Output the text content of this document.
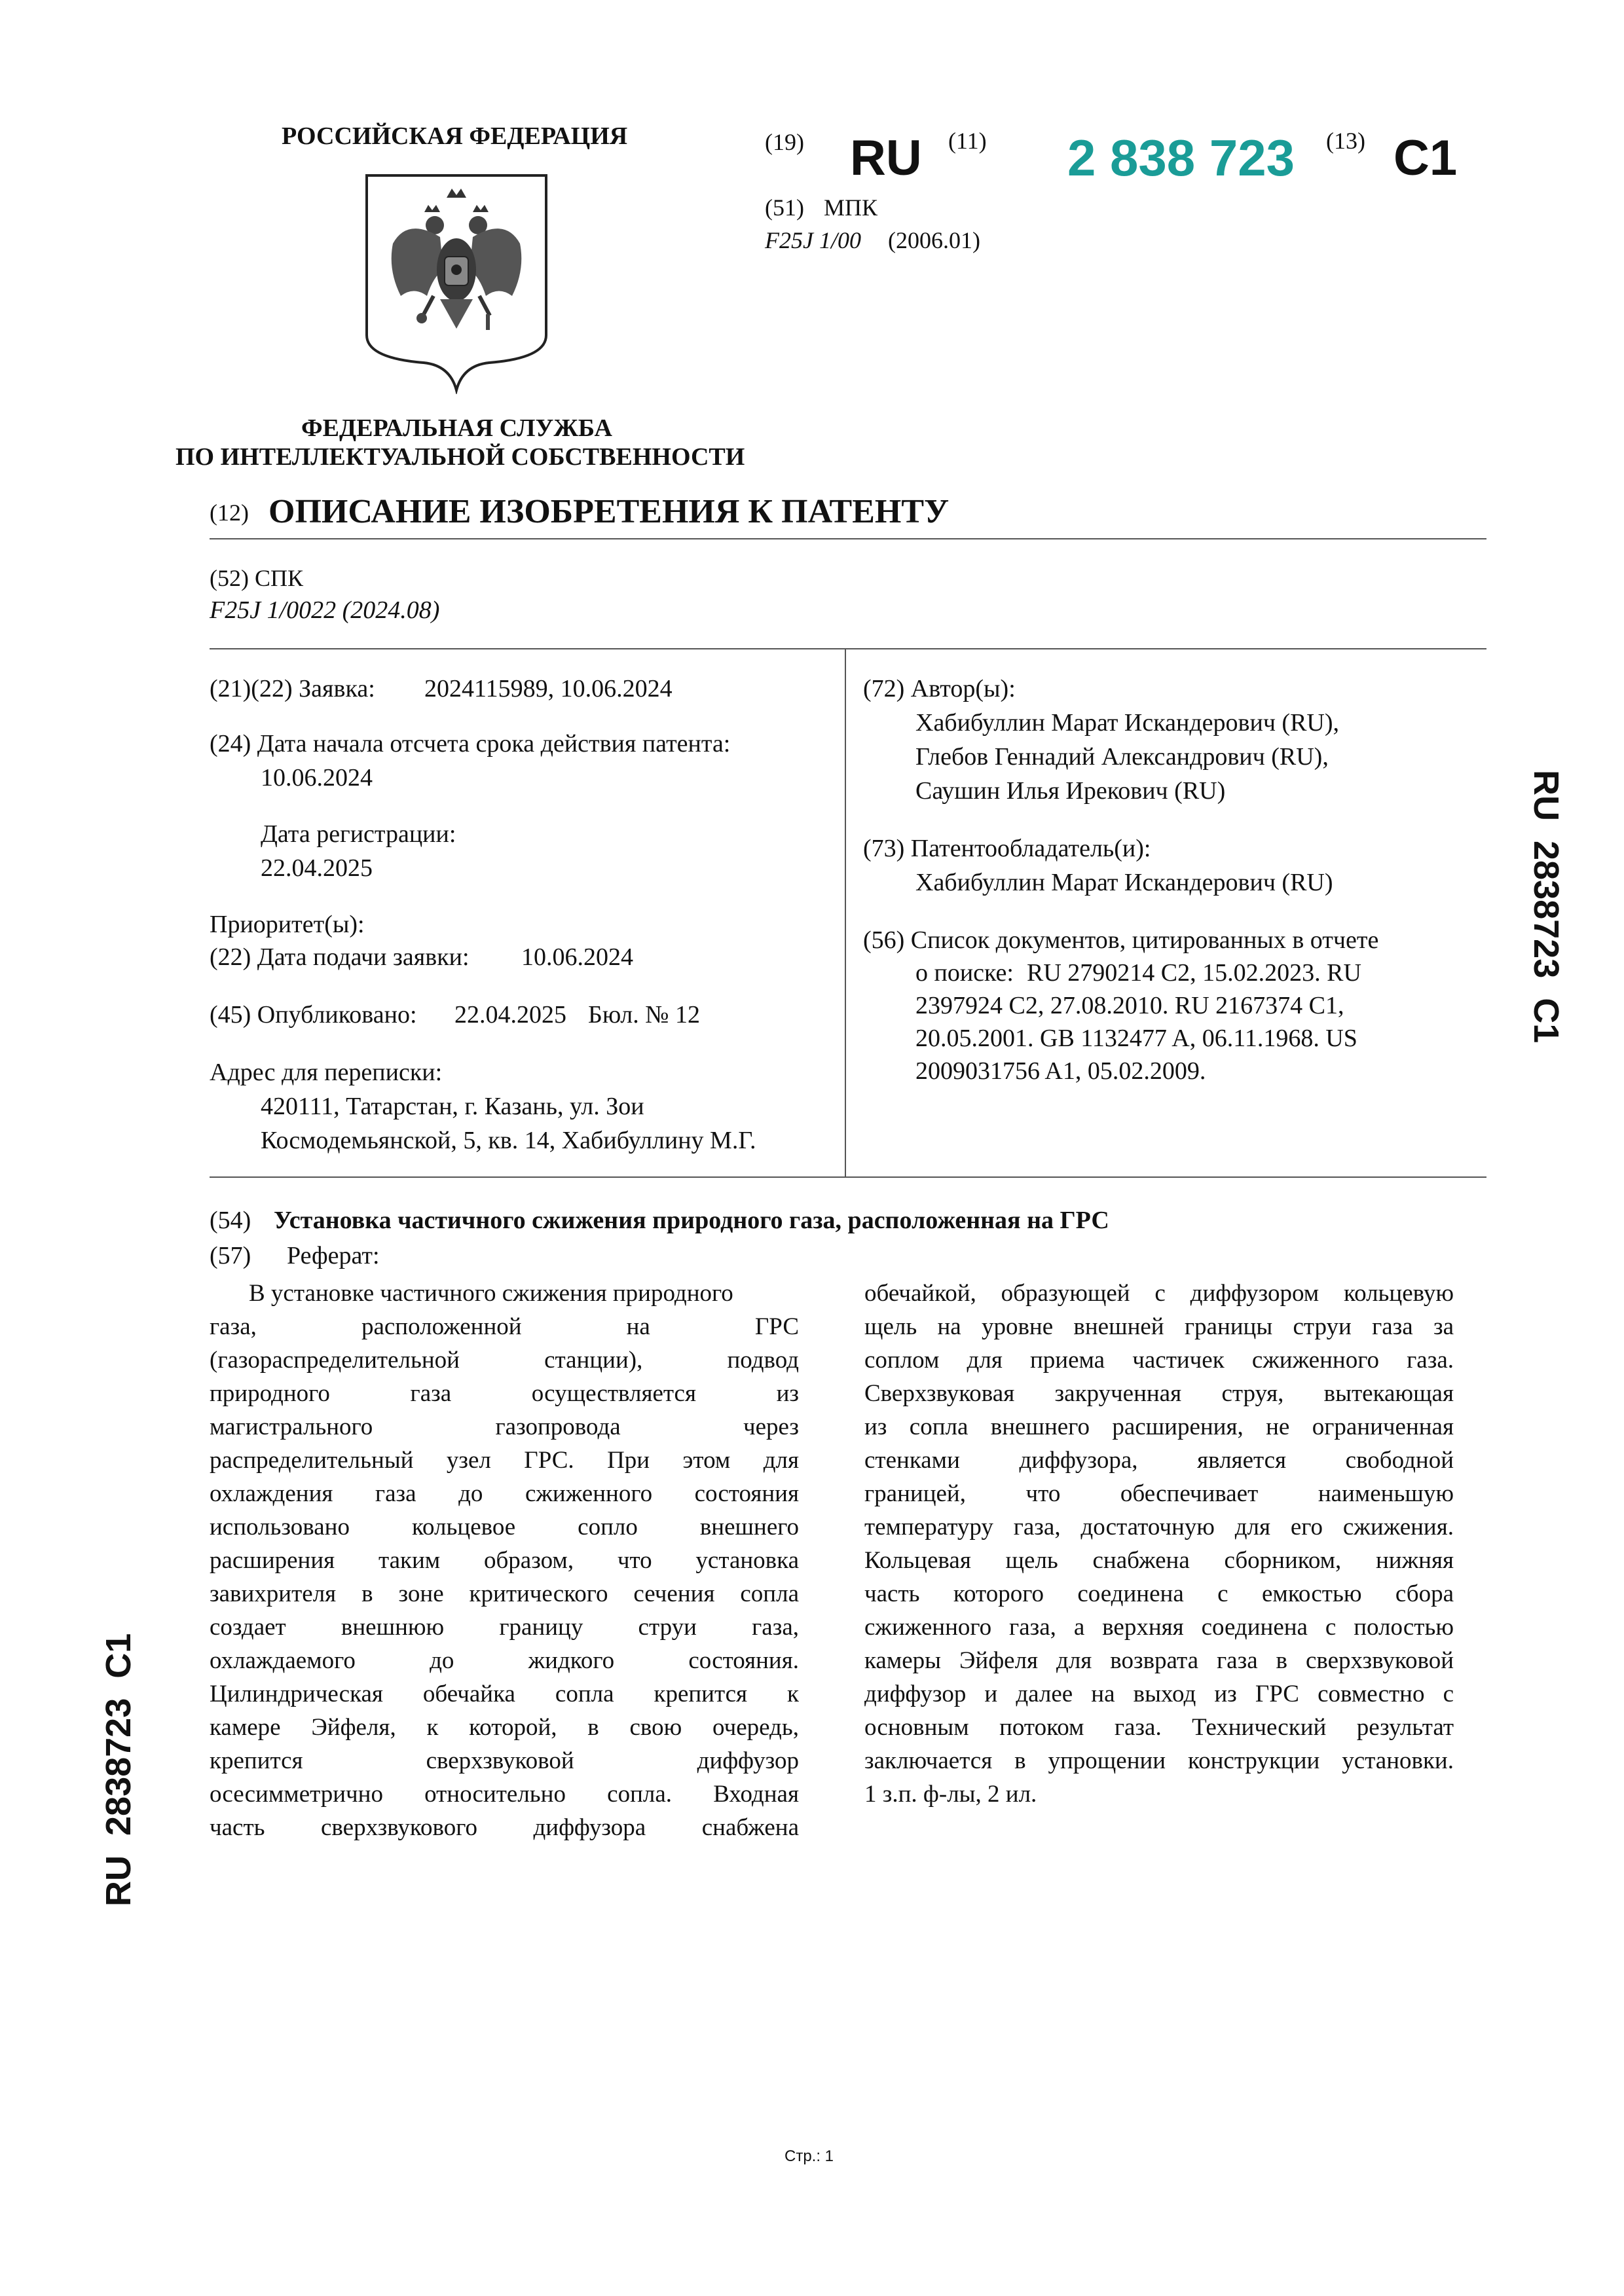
РОССИЙСКАЯ ФЕДЕРАЦИЯ
ФЕДЕРАЛЬНАЯ СЛУЖБА
ПО ИНТЕЛЛЕКТУАЛЬНОЙ СОБСТВЕННОСТИ
(19) RU (11) 2 838 723 (13) C1
(51) МПК
F25J 1/00 (2006.01)
(12) ОПИСАНИЕ ИЗОБРЕТЕНИЯ К ПАТЕНТУ
(52) СПК
F25J 1/0022 (2024.08)
(21)(22) Заявка: 2024115989, 10.06.2024
(24) Дата начала отсчета срока действия патента:
10.06.2024
Дата регистрации:
22.04.2025
Приоритет(ы):
(22) Дата подачи заявки: 10.06.2024
(45) Опубликовано: 22.04.2025 Бюл. № 12
Адрес для переписки:
420111, Татарстан, г. Казань, ул. Зои
Космодемьянской, 5, кв. 14, Хабибуллину М.Г.
(72) Автор(ы):
Хабибуллин Марат Искандерович (RU),
Глебов Геннадий Александрович (RU),
Саушин Илья Ирекович (RU)
(73) Патентообладатель(и):
Хабибуллин Марат Искандерович (RU)
(56) Список документов, цитированных в отчете
о поиске: RU 2790214 C2, 15.02.2023. RU
2397924 C2, 27.08.2010. RU 2167374 C1,
20.05.2001. GB 1132477 A, 06.11.1968. US
2009031756 A1, 05.02.2009.
(54) Установка частичного сжижения природного газа, расположенная на ГРС
(57) Реферат:

В установке частичного сжижения природного

газа, расположенной на ГРС

(газораспределительной станции), подвод

природного газа осуществляется из

магистрального газопровода через

распределительный узел ГРС. При этом для

охлаждения газа до сжиженного состояния

использовано кольцевое сопло внешнего

расширения таким образом, что установка

завихрителя в зоне критического сечения сопла

создает внешнюю границу струи газа,

охлаждаемого до жидкого состояния.

Цилиндрическая обечайка сопла крепится к

камере Эйфеля, к которой, в свою очередь,

крепится сверхзвуковой диффузор

осесимметрично относительно сопла. Входная

часть сверхзвукового диффузора снабжена

обечайкой, образующей с диффузором кольцевую

щель на уровне внешней границы струи газа за

соплом для приема частичек сжиженного газа.

Сверхзвуковая закрученная струя, вытекающая

из сопла внешнего расширения, не ограниченная

стенками диффузора, является свободной

границей, что обеспечивает наименьшую

температуру газа, достаточную для его сжижения.

Кольцевая щель снабжена сборником, нижняя

часть которого соединена с емкостью сбора

сжиженного газа, а верхняя соединена с полостью

камеры Эйфеля для возврата газа в сверхзвуковой

диффузор и далее на выход из ГРС совместно с

основным потоком газа. Технический результат

заключается в упрощении конструкции установки.

1 з.п. ф-лы, 2 ил.

RU  2838723  C1
RU  2838723  C1
Стр.: 1
